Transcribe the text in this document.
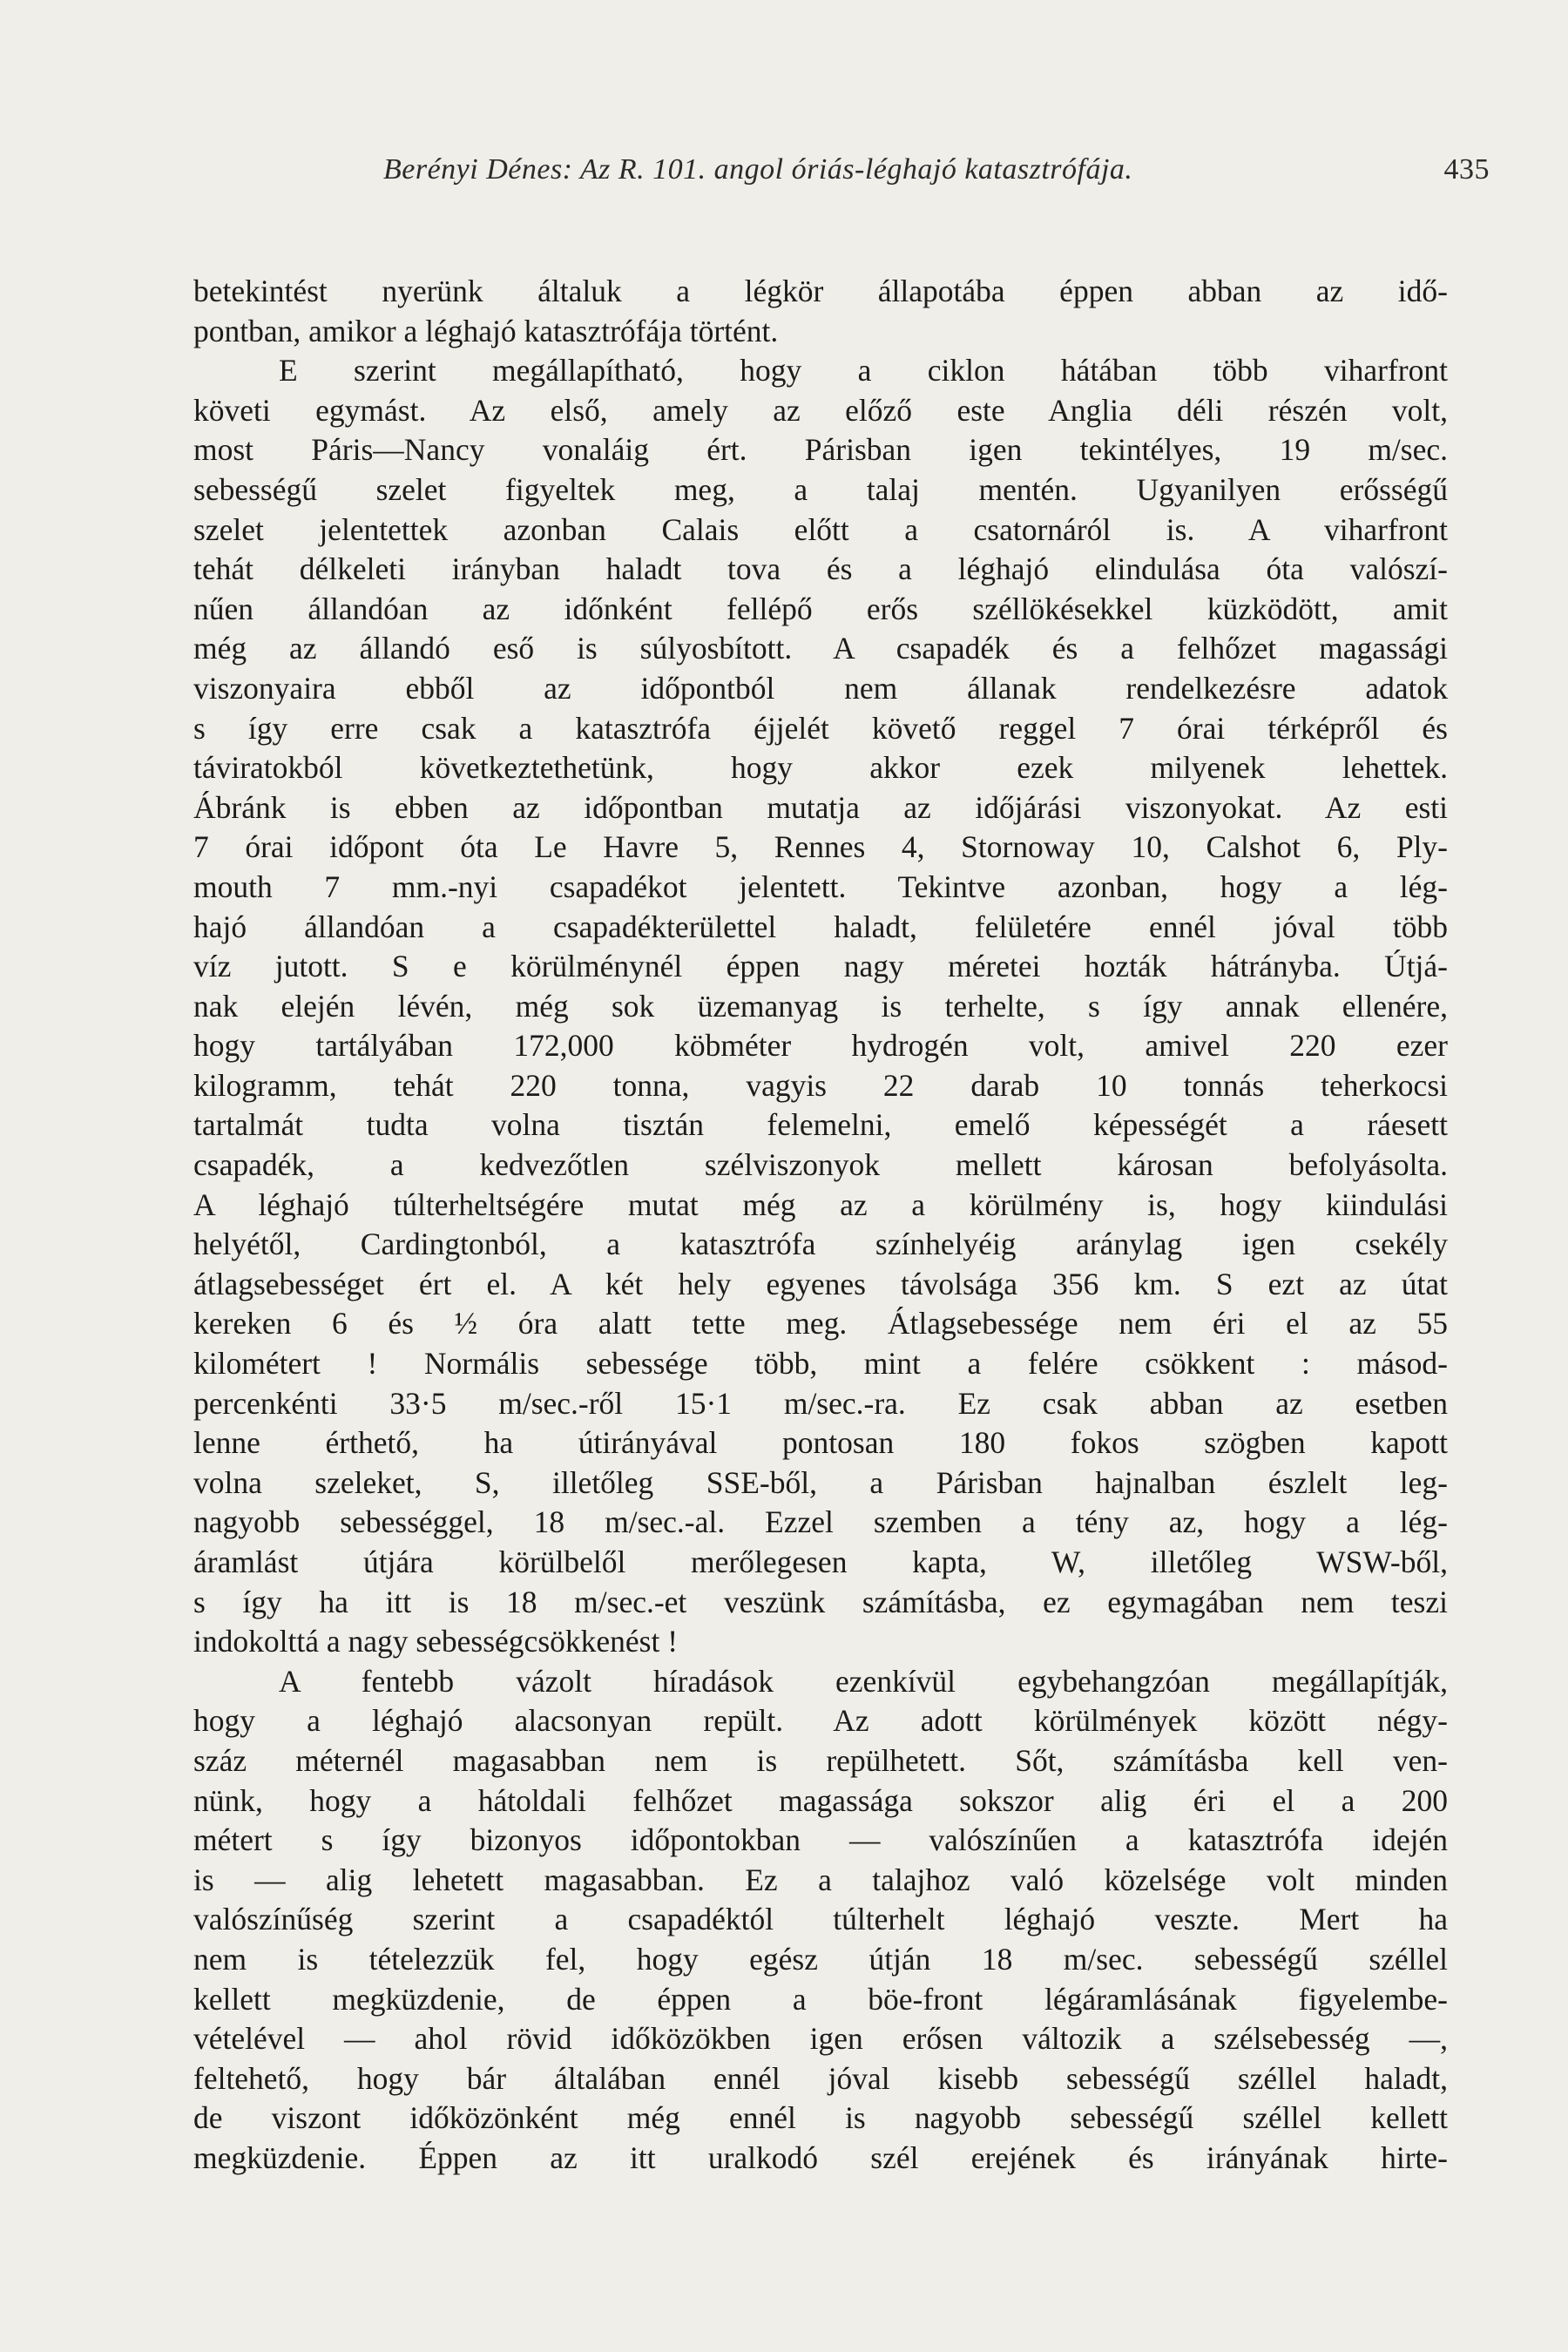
Berényi Dénes: Az R. 101. angol óriás-léghajó katasztrófája.	435
betekintést nyerünk általuk a légkör állapotába éppen abban az idő-
pontban, amikor a léghajó katasztrófája történt.
E szerint megállapítható, hogy a ciklon hátában több viharfront
követi egymást. Az első, amely az előző este Anglia déli részén volt,
most Páris—Nancy vonaláig ért. Párisban igen tekintélyes, 19 m/sec.
sebességű szelet figyeltek meg, a talaj mentén. Ugyanilyen erősségű
szelet jelentettek azonban Calais előtt a csatornáról is. A viharfront
tehát délkeleti irányban haladt tova és a léghajó elindulása óta valószí-
nűen állandóan az időnként fellépő erős széllökésekkel küzködött, amit
még az állandó eső is súlyosbított. A csapadék és a felhőzet magassági
viszonyaira ebből az időpontból nem állanak rendelkezésre adatok
s így erre csak a katasztrófa éjjelét követő reggel 7 órai térképről és
táviratokból következtethetünk, hogy akkor ezek milyenek lehettek.
Ábránk is ebben az időpontban mutatja az időjárási viszonyokat. Az esti
7 órai időpont óta Le Havre 5, Rennes 4, Stornoway 10, Calshot 6, Ply-
mouth 7 mm.-nyi csapadékot jelentett. Tekintve azonban, hogy a lég-
hajó állandóan a csapadékterülettel haladt, felületére ennél jóval több
víz jutott. S e körülménynél éppen nagy méretei hozták hátrányba. Útjá-
nak elején lévén, még sok üzemanyag is terhelte, s így annak ellenére,
hogy tartályában 172,000 köbméter hydrogén volt, amivel 220 ezer
kilogramm, tehát 220 tonna, vagyis 22 darab 10 tonnás teherkocsi
tartalmát tudta volna tisztán felemelni, emelő képességét a ráesett
csapadék, a kedvezőtlen szélviszonyok mellett károsan befolyásolta.
A léghajó túlterheltségére mutat még az a körülmény is, hogy kiindulási
helyétől, Cardingtonból, a katasztrófa színhelyéig aránylag igen csekély
átlagsebességet ért el. A két hely egyenes távolsága 356 km. S ezt az útat
kereken 6 és ½ óra alatt tette meg. Átlagsebessége nem éri el az 55
kilométert ! Normális sebessége több, mint a felére csökkent : másod-
percenkénti 33·5 m/sec.-ről 15·1 m/sec.-ra. Ez csak abban az esetben
lenne érthető, ha útirányával pontosan 180 fokos szögben kapott
volna szeleket, S, illetőleg SSE-ből, a Párisban hajnalban észlelt leg-
nagyobb sebességgel, 18 m/sec.-al. Ezzel szemben a tény az, hogy a lég-
áramlást útjára körülbelől merőlegesen kapta, W, illetőleg WSW-ből,
s így ha itt is 18 m/sec.-et veszünk számításba, ez egymagában nem teszi
indokolttá a nagy sebességcsökkenést !
A fentebb vázolt híradások ezenkívül egybehangzóan megállapítják,
hogy a léghajó alacsonyan repült. Az adott körülmények között négy-
száz méternél magasabban nem is repülhetett. Sőt, számításba kell ven-
nünk, hogy a hátoldali felhőzet magassága sokszor alig éri el a 200
métert s így bizonyos időpontokban — valószínűen a katasztrófa idején
is — alig lehetett magasabban. Ez a talajhoz való közelsége volt minden
valószínűség szerint a csapadéktól túlterhelt léghajó veszte. Mert ha
nem is tételezzük fel, hogy egész útján 18 m/sec. sebességű széllel
kellett megküzdenie, de éppen a böe-front légáramlásának figyelembe-
vételével — ahol rövid időközökben igen erősen változik a szélsebesség —,
feltehető, hogy bár általában ennél jóval kisebb sebességű széllel haladt,
de viszont időközönként még ennél is nagyobb sebességű széllel kellett
megküzdenie. Éppen az itt uralkodó szél erejének és irányának hirte-
